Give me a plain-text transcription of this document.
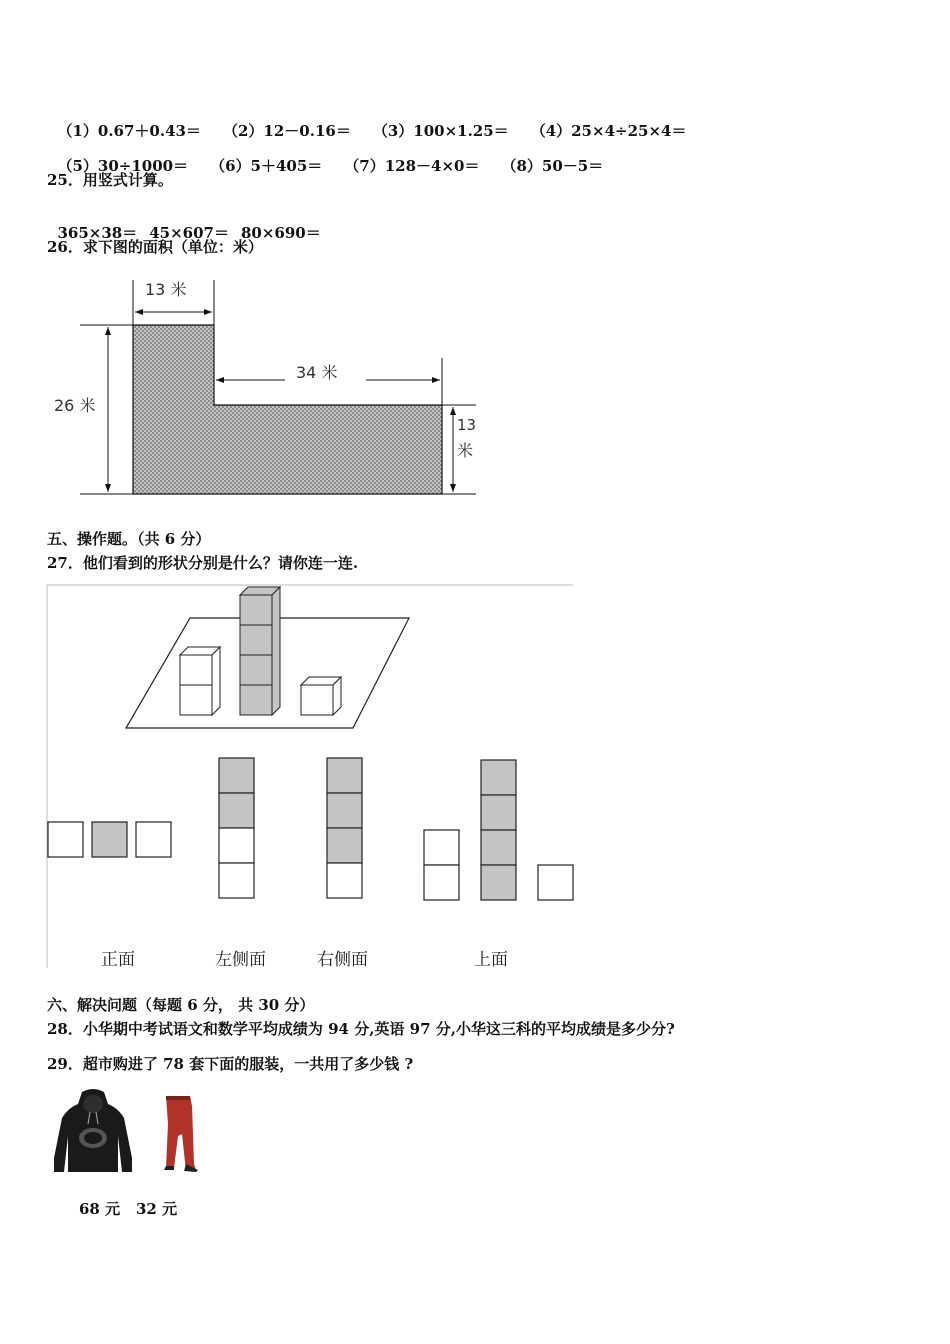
（1）0.67＋0.43＝ （2）12－0.16＝ （3）100×1.25＝ （4）25×4÷25×4＝

（5）30÷1000＝ （6）5＋405＝ （7）128－4×0＝ （8）50－5＝

25．用竖式计算。

365×38＝ 45×607＝ 80×690＝

26．求下图的面积（单位：米）
13 米
26 米
34 米
13
米
五、操作题。（共 6 分）
27．他们看到的形状分别是什么？请你连一连.
正面	左侧面	右侧面	上面
六、解决问题（每题 6 分， 共 30 分）
28．小华期中考试语文和数学平均成绩为 94 分,英语 97 分,小华这三科的平均成绩是多少分?
29．超市购进了 78 套下面的服装，一共用了多少钱 ?
68 元 32 元
